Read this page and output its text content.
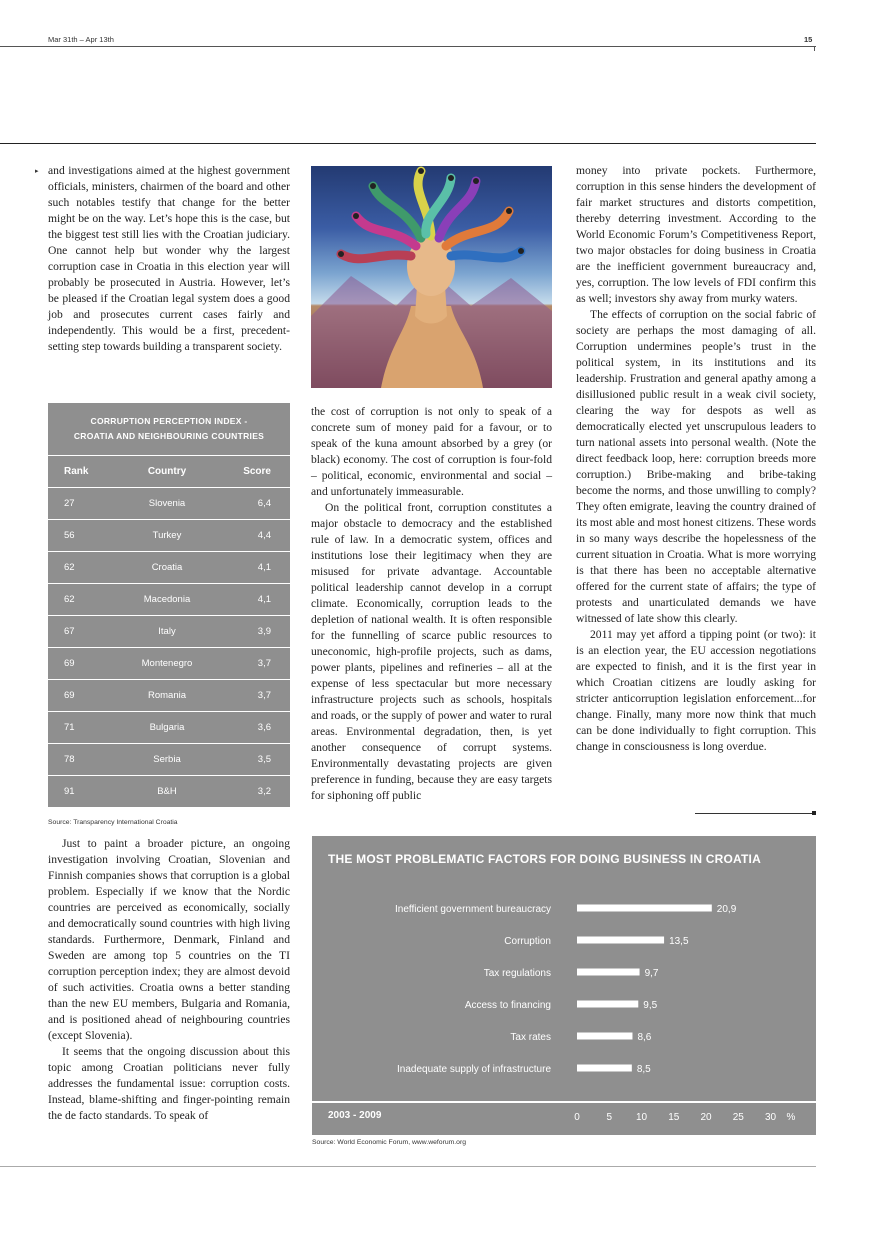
Mar 31th – Apr 13th	15
▸ and investigations aimed at the highest government officials, ministers, chairmen of the board and other such notables testify that change for the better might be on the way. Let’s hope this is the case, but the biggest test still lies with the Croatian judiciary. One cannot help but wonder why the largest corruption case in Croatia in this election year will probably be prosecuted in Austria. However, let’s be pleased if the Croatian legal system does a good job and prosecutes current cases fairly and independently. This would be a first, precedent-setting step towards building a transparent society.

CORRUPTION PERCEPTION INDEX -
CROATIA AND NEIGHBOURING COUNTRIES
Rank	Country	Score
27	Slovenia	6,4
56	Turkey	4,4
62	Croatia	4,1
62	Macedonia	4,1
67	Italy	3,9
69	Montenegro	3,7
69	Romania	3,7
71	Bulgaria	3,6
78	Serbia	3,5
91	B&H	3,2
Source: Transparency International Croatia

Just to paint a broader picture, an ongoing investigation involving Croatian, Slovenian and Finnish companies shows that corruption is a global problem. Especially if we know that the Nordic countries are perceived as economically, socially and democratically sound countries with high living standards. Furthermore, Denmark, Finland and Sweden are among top 5 countries on the TI corruption perception index; they are almost devoid of such activities. Croatia owns a better standing than the new EU members, Bulgaria and Romania, and is positioned ahead of neighbouring countries (except Slovenia).

It seems that the ongoing discussion about this topic among Croatian politicians never fully addresses the fundamental issue: corruption costs. Instead, blame-shifting and finger-pointing remain the de facto standards. To speak of

the cost of corruption is not only to speak of a concrete sum of money paid for a favour, or to speak of the kuna amount absorbed by a grey (or black) economy. The cost of corruption is four-fold – political, economic, environmental and social – and unfortunately immeasurable.

On the political front, corruption constitutes a major obstacle to democracy and the established rule of law. In a democratic system, offices and institutions lose their legitimacy when they are misused for private advantage. Accountable political leadership cannot develop in a corrupt climate. Economically, corruption leads to the depletion of national wealth. It is often responsible for the funnelling of scarce public resources to uneconomic, high-profile projects, such as dams, power plants, pipelines and refineries – all at the expense of less spectacular but more necessary infrastructure projects such as schools, hospitals and roads, or the supply of power and water to rural areas. Environmental degradation, then, is yet another consequence of corrupt systems. Environmentally devastating projects are given preference in funding, because they are easy targets for siphoning off public

money into private pockets. Furthermore, corruption in this sense hinders the development of fair market structures and distorts competition, thereby deterring investment. According to the World Economic Forum’s Competitiveness Report, two major obstacles for doing business in Croatia are the inefficient government bureaucracy and, yes, corruption. The low levels of FDI confirm this as well; investors shy away from murky waters.

The effects of corruption on the social fabric of society are perhaps the most damaging of all. Corruption undermines people’s trust in the political system, in its institutions and its leadership. Frustration and general apathy among a disillusioned public result in a weak civil society, clearing the way for despots as well as democratically elected yet unscrupulous leaders to turn national assets into personal wealth. (Note the direct feedback loop, here: corruption breeds more corruption.) Bribe-making and bribe-taking become the norms, and those unwilling to comply? They often emigrate, leaving the country drained of its most able and most honest citizens. These words in so many ways describe the hopelessness of the current situation in Croatia. What is more worrying is that there has been no acceptable alternative offered for the current state of affairs; the type of protests and unarticulated demands we have witnessed of late show this clearly.

2011 may yet afford a tipping point (or two): it is an election year, the EU accession negotiations are expected to finish, and it is the first year in which Croatian citizens are loudly asking for stricter anticorruption legislation enforcement...for change. Finally, many more now think that much can be done individually to fight corruption. This change in consciousness is long overdue.

THE MOST PROBLEMATIC FACTORS FOR DOING BUSINESS IN CROATIA
Inefficient government bureaucracy	20,9
Corruption	13,5
Tax regulations	9,7
Access to financing	9,5
Tax rates	8,6
Inadequate supply of infrastructure	8,5
0	5 10 15 20 25 30 %
2003 - 2009
Source: World Economic Forum, www.weforum.org
